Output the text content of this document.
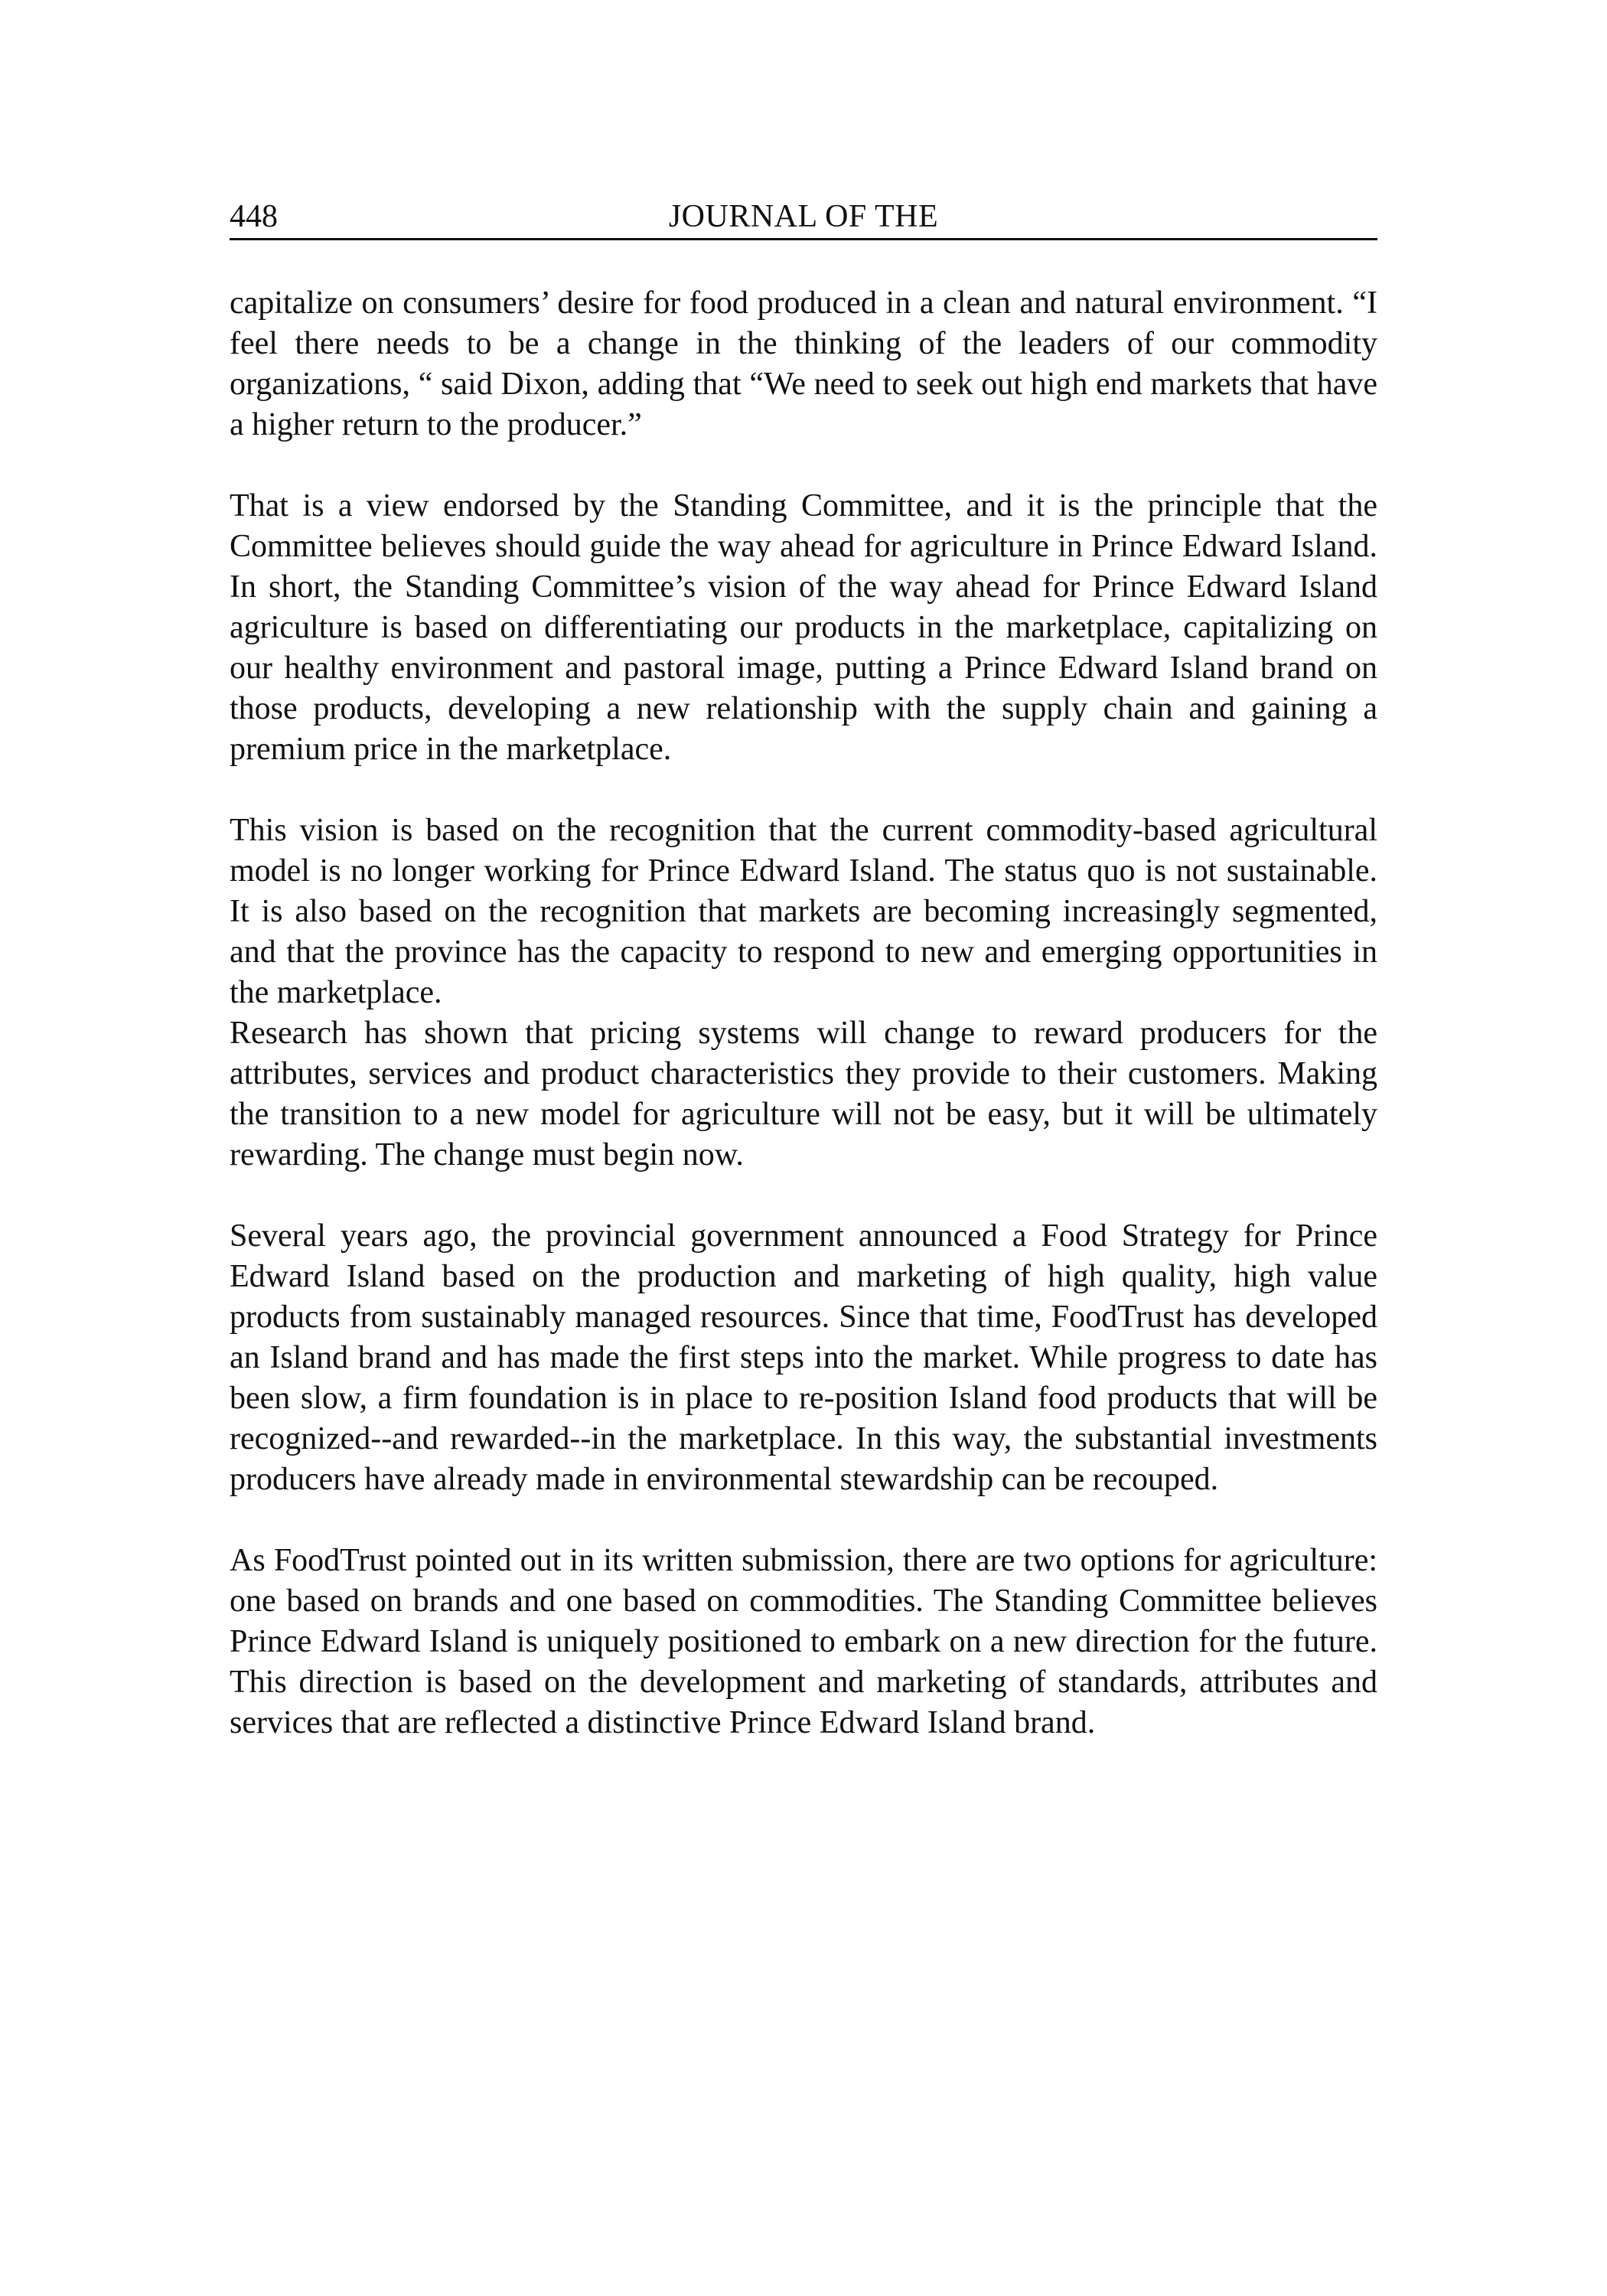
448	JOURNAL OF THE

capitalize on consumers’ desire for food produced in a clean and natural environment. “I feel there needs to be a change in the thinking of the leaders of our commodity organizations, “ said Dixon, adding that “We need to seek out high end markets that have a higher return to the producer.”

That is a view endorsed by the Standing Committee, and it is the principle that the Committee believes should guide the way ahead for agriculture in Prince Edward Island. In short, the Standing Committee’s vision of the way ahead for Prince Edward Island agriculture is based on differentiating our products in the marketplace, capitalizing on our healthy environment and pastoral image, putting a Prince Edward Island brand on those products, developing a new relationship with the supply chain and gaining a premium price in the marketplace.

This vision is based on the recognition that the current commodity-based agricultural model is no longer working for Prince Edward Island. The status quo is not sustainable. It is also based on the recognition that markets are becoming increasingly segmented, and that the province has the capacity to respond to new and emerging opportunities in the marketplace.

Research has shown that pricing systems will change to reward producers for the attributes, services and product characteristics they provide to their customers. Making the transition to a new model for agriculture will not be easy, but it will be ultimately rewarding. The change must begin now.

Several years ago, the provincial government announced a Food Strategy for Prince Edward Island based on the production and marketing of high quality, high value products from sustainably managed resources. Since that time, FoodTrust has developed an Island brand and has made the first steps into the market. While progress to date has been slow, a firm foundation is in place to re-position Island food products that will be recognized--and rewarded--in the marketplace. In this way, the substantial investments producers have already made in environmental stewardship can be recouped.

As FoodTrust pointed out in its written submission, there are two options for agriculture: one based on brands and one based on commodities. The Standing Committee believes Prince Edward Island is uniquely positioned to embark on a new direction for the future. This direction is based on the development and marketing of standards, attributes and services that are reflected a distinctive Prince Edward Island brand.
